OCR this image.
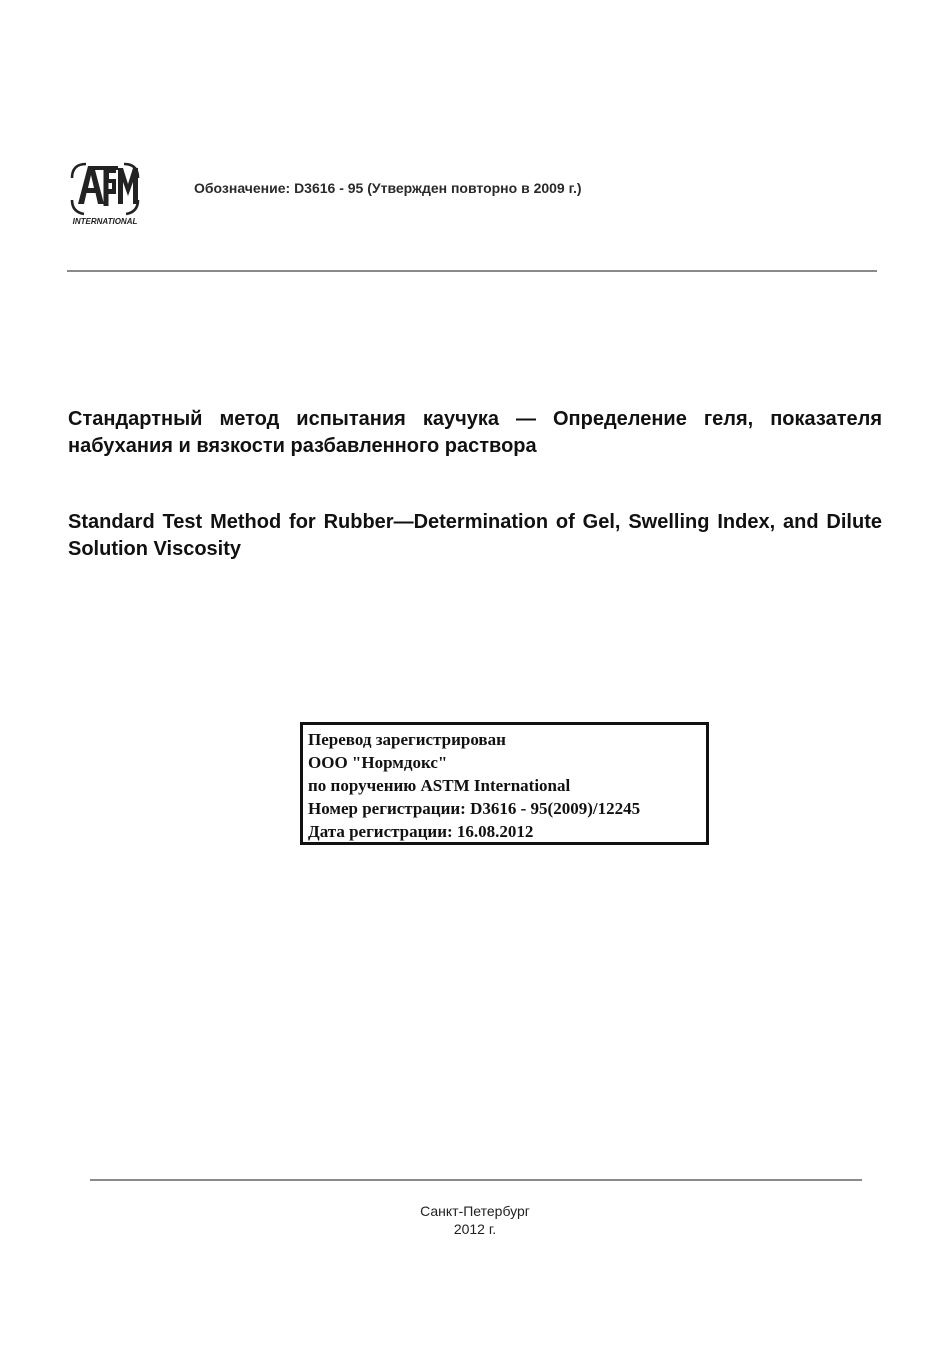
INTERNATIONAL
Обозначение: D3616 - 95 (Утвержден повторно в 2009 г.)
Стандартный метод испытания каучука — Определение геля, показателя набухания и вязкости разбавленного раствора
Standard Test Method for Rubber—Determination of Gel, Swelling Index, and Dilute Solution Viscosity
Перевод зарегистрирован
ООО "Нормдокс"
по поручению ASTM International
Номер регистрации: D3616 - 95(2009)/12245
Дата регистрации: 16.08.2012
Санкт-Петербург
2012 г.
